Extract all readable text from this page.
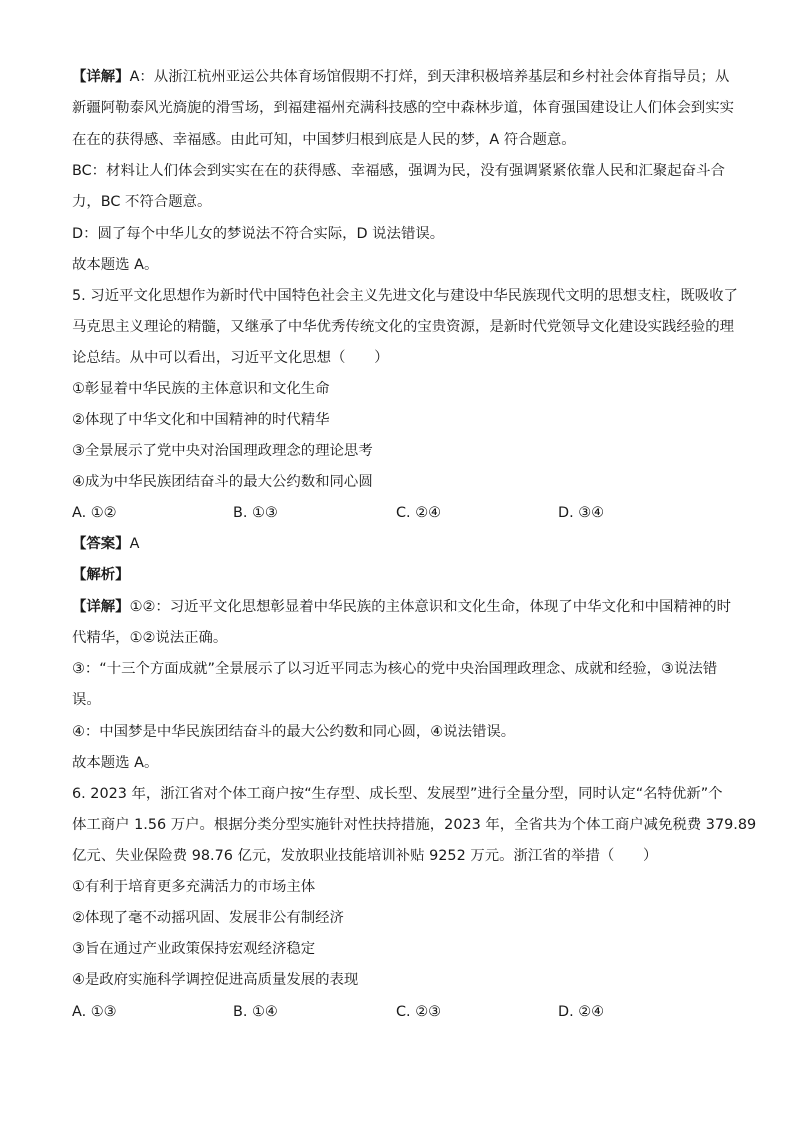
【详解】A：从浙江杭州亚运公共体育场馆假期不打烊，到天津积极培养基层和乡村社会体育指导员；从

新疆阿勒泰风光旖旎的滑雪场，到福建福州充满科技感的空中森林步道，体育强国建设让人们体会到实实

在在的获得感、幸福感。由此可知，中国梦归根到底是人民的梦，A 符合题意。

BC：材料让人们体会到实实在在的获得感、幸福感，强调为民，没有强调紧紧依靠人民和汇聚起奋斗合

力，BC 不符合题意。

D：圆了每个中华儿女的梦说法不符合实际，D 说法错误。

故本题选 A。

5. 习近平文化思想作为新时代中国特色社会主义先进文化与建设中华民族现代文明的思想支柱，既吸收了

马克思主义理论的精髓，又继承了中华优秀传统文化的宝贵资源，是新时代党领导文化建设实践经验的理

论总结。从中可以看出，习近平文化思想（　　）

①彰显着中华民族的主体意识和文化生命

②体现了中华文化和中国精神的时代精华

③全景展示了党中央对治国理政理念的理论思考

④成为中华民族团结奋斗的最大公约数和同心圆

A. ①②	B. ①③	C. ②④	D. ③④

【答案】A

【解析】

【详解】①②：习近平文化思想彰显着中华民族的主体意识和文化生命，体现了中华文化和中国精神的时

代精华，①②说法正确。

③：“十三个方面成就”全景展示了以习近平同志为核心的党中央治国理政理念、成就和经验，③说法错

误。

④：中国梦是中华民族团结奋斗的最大公约数和同心圆，④说法错误。

故本题选 A。

6. 2023 年，浙江省对个体工商户按“生存型、成长型、发展型”进行全量分型，同时认定“名特优新”个

体工商户 1.56 万户。根据分类分型实施针对性扶持措施，2023 年，全省共为个体工商户减免税费 379.89

亿元、失业保险费 98.76 亿元，发放职业技能培训补贴 9252 万元。浙江省的举措（　　）

①有利于培育更多充满活力的市场主体

②体现了毫不动摇巩固、发展非公有制经济

③旨在通过产业政策保持宏观经济稳定

④是政府实施科学调控促进高质量发展的表现

A. ①③	B. ①④	C. ②③	D. ②④
